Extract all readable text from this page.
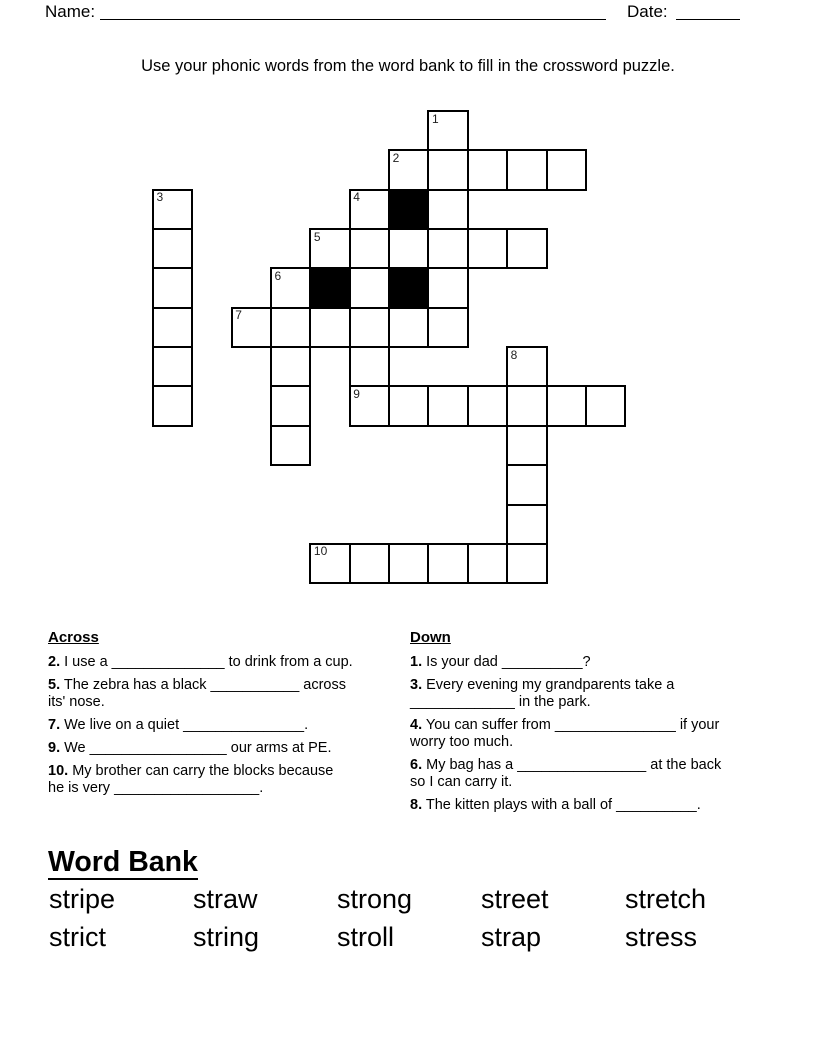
Name:	Date:
Use your phonic words from the word bank to fill in the crossword puzzle.
1
2
3	4
5
6
7
8
9
10

Across

2. I use a ______________ to drink from a cup.

5. The zebra has a black ___________ across
its' nose.

7. We live on a quiet _______________.

9. We _________________ our arms at PE.

10. My brother can carry the blocks because
he is very __________________.

Down

1. Is your dad __________?

3. Every evening my grandparents take a
_____________ in the park.

4. You can suffer from _______________ if your
worry too much.

6. My bag has a ________________ at the back
so I can carry it.

8. The kitten plays with a ball of __________.

Word Bank
stripe	straw	strong	street	stretch
strict	string	stroll	strap	stress
